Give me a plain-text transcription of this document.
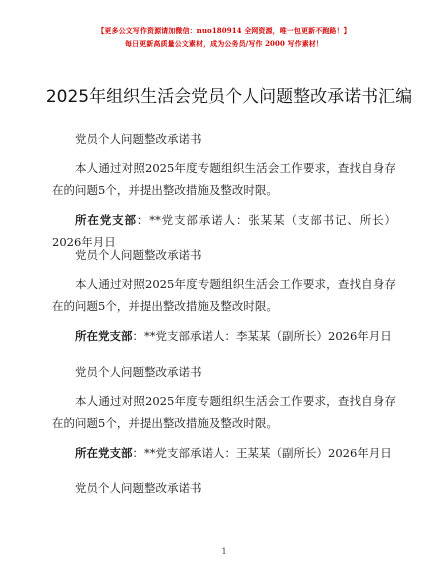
【更多公文写作资源请加微信：nuo180914 全网资源，唯一包更新不跑路！】
每日更新高质量公文素材，成为公务员/写作 2000 写作素材！
2025年组织生活会党员个人问题整改承诺书汇编
党员个人问题整改承诺书
本人通过对照2025年度专题组织生活会工作要求，查找自身存在的问题5个，并提出整改措施及整改时限。
所在党支部：**党支部承诺人：张某某（支部书记、所长）2026年月日
党员个人问题整改承诺书
本人通过对照2025年度专题组织生活会工作要求，查找自身存在的问题5个，并提出整改措施及整改时限。
所在党支部：**党支部承诺人：李某某（副所长）2026年月日
党员个人问题整改承诺书
本人通过对照2025年度专题组织生活会工作要求，查找自身存在的问题5个，并提出整改措施及整改时限。
所在党支部：**党支部承诺人：王某某（副所长）2026年月日
党员个人问题整改承诺书
1
